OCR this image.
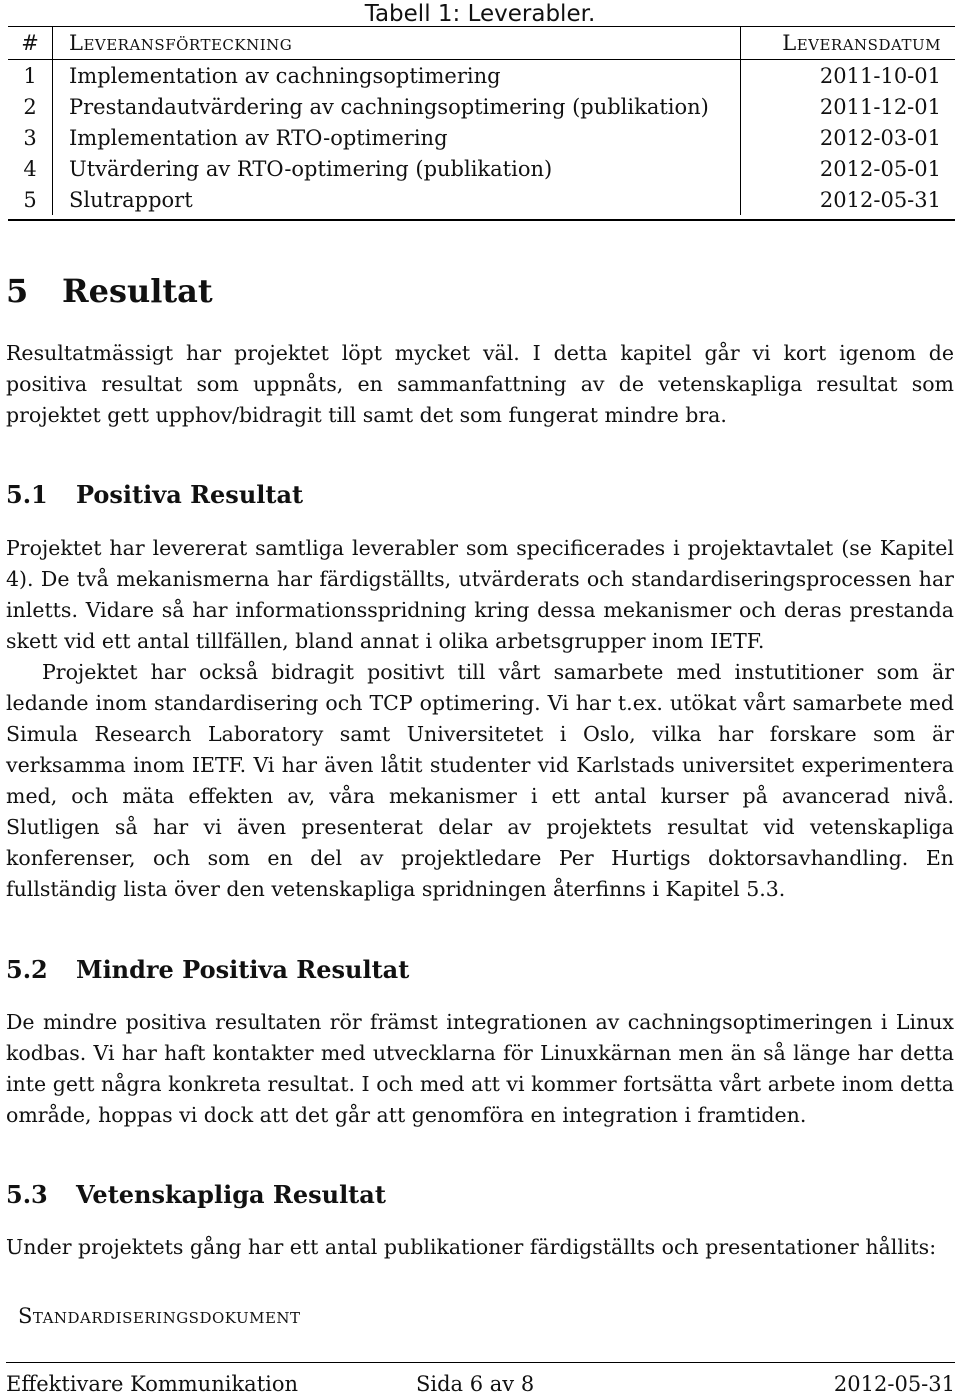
Tabell 1: Leverabler.
#	Leveransförteckning	Leveransdatum
1	Implementation av cachningsoptimering	2011-10-01
2	Prestandautvärdering av cachningsoptimering (publikation)	2011-12-01
3	Implementation av RTO-optimering	2012-03-01
4	Utvärdering av RTO-optimering (publikation)	2012-05-01
5	Slutrapport	2012-05-31
5 Resultat

Resultatmässigt har projektet löpt mycket väl. I detta kapitel går vi kort igenom de positiva resultat som uppnåts, en sammanfattning av de vetenskapliga resultat som projektet gett upphov/bidragit till samt det som fungerat mindre bra.

5.1 Positiva Resultat

Projektet har levererat samtliga leverabler som specificerades i projektavtalet (se Kapitel 4). De två mekanismerna har färdigställts, utvärderats och standardiseringsprocessen har inletts. Vidare så har informationsspridning kring dessa mekanismer och deras prestanda skett vid ett antal tillfällen, bland annat i olika arbetsgrupper inom IETF.

Projektet har också bidragit positivt till vårt samarbete med instutitioner som är ledande inom standardisering och TCP optimering. Vi har t.ex. utökat vårt samarbete med Simula Research Laboratory samt Universitetet i Oslo, vilka har forskare som är verksamma inom IETF. Vi har även låtit studenter vid Karlstads universitet experimentera med, och mäta effekten av, våra mekanismer i ett antal kurser på avancerad nivå. Slutligen så har vi även presenterat delar av projektets resultat vid vetenskapliga konferenser, och som en del av projektledare Per Hurtigs doktorsavhandling. En fullständig lista över den vetenskapliga spridningen återfinns i Kapitel 5.3.

5.2 Mindre Positiva Resultat

De mindre positiva resultaten rör främst integrationen av cachningsoptimeringen i Linux kodbas. Vi har haft kontakter med utvecklarna för Linuxkärnan men än så länge har detta inte gett några konkreta resultat. I och med att vi kommer fortsätta vårt arbete inom detta område, hoppas vi dock att det går att genomföra en integration i framtiden.

5.3 Vetenskapliga Resultat

Under projektets gång har ett antal publikationer färdigställts och presentationer hållits:

Standardiseringsdokument
Effektivare Kommunikation	Sida 6 av 8	2012-05-31
